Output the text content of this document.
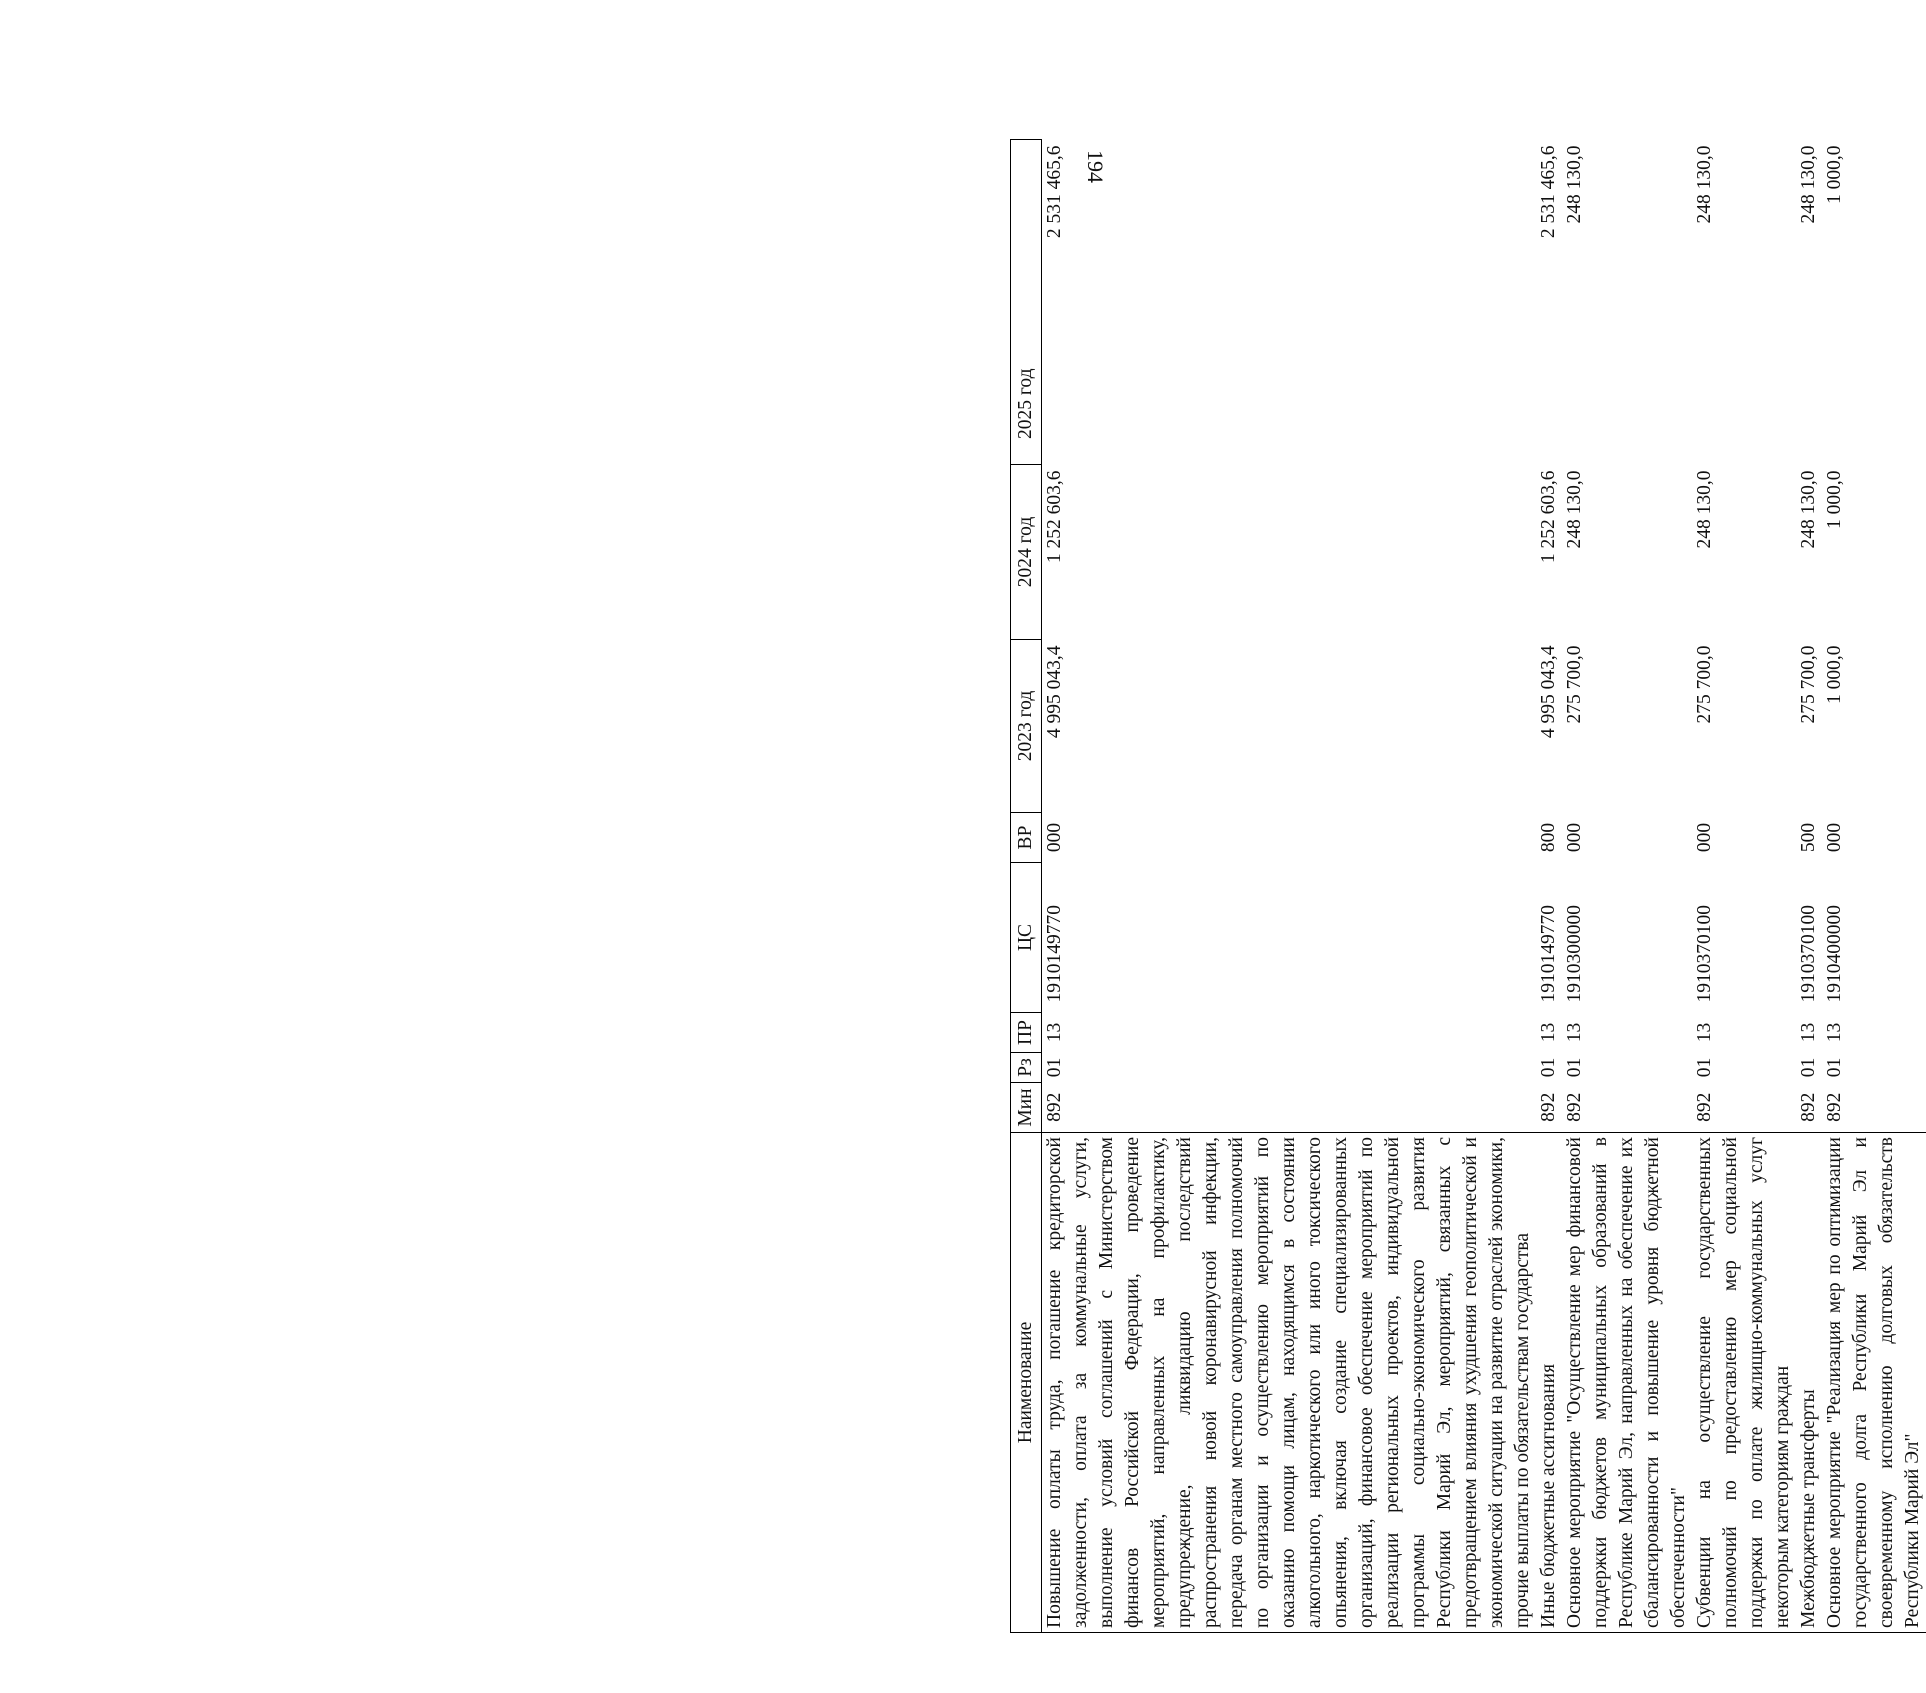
194
Наименование	Мин	Рз	ПР	ЦС	ВР	2023 год	2024 год	2025 год
Повышение оплаты труда, погашение кредиторской задолженности, оплата за коммунальные услуги, выполнение условий соглашений с Министерством финансов Российской Федерации, проведение мероприятий, направленных на профилактику, предупреждение, ликвидацию последствий распространения новой коронавирусной инфекции, передача органам местного самоуправления полномочий по организации и осуществлению мероприятий по оказанию помощи лицам, находящимся в состоянии алкогольного, наркотического или иного токсического опьянения, включая создание специализированных организаций, финансовое обеспечение мероприятий по реализации региональных проектов, индивидуальной программы социально-экономического развития Республики Марий Эл, мероприятий, связанных с предотвращением влияния ухудшения геополитической и экономической ситуации на развитие отраслей экономики, прочие выплаты по обязательствам государства	892	01	13	1910149770	000	4 995 043,4	1 252 603,6	2 531 465,6

Иные бюджетные ассигнования	892	01	13	1910149770	800	4 995 043,4	1 252 603,6	2 531 465,6

Основное мероприятие "Осуществление мер финансовой поддержки бюджетов муниципальных образований в Республике Марий Эл, направленных на обеспечение их сбалансированности и повышение уровня бюджетной обеспеченности"	892	01	13	1910300000	000	275 700,0	248 130,0	248 130,0

Субвенции на осуществление государственных полномочий по предоставлению мер социальной поддержки по оплате жилищно-коммунальных услуг некоторым категориям граждан	892	01	13	1910370100	000	275 700,0	248 130,0	248 130,0

Межбюджетные трансферты	892	01	13	1910370100	500	275 700,0	248 130,0	248 130,0

Основное мероприятие "Реализация мер по оптимизации государственного долга Республики Марий Эл и своевременному исполнению долговых обязательств Республики Марий Эл"	892	01	13	1910400000	000	1 000,0	1 000,0	1 000,0
